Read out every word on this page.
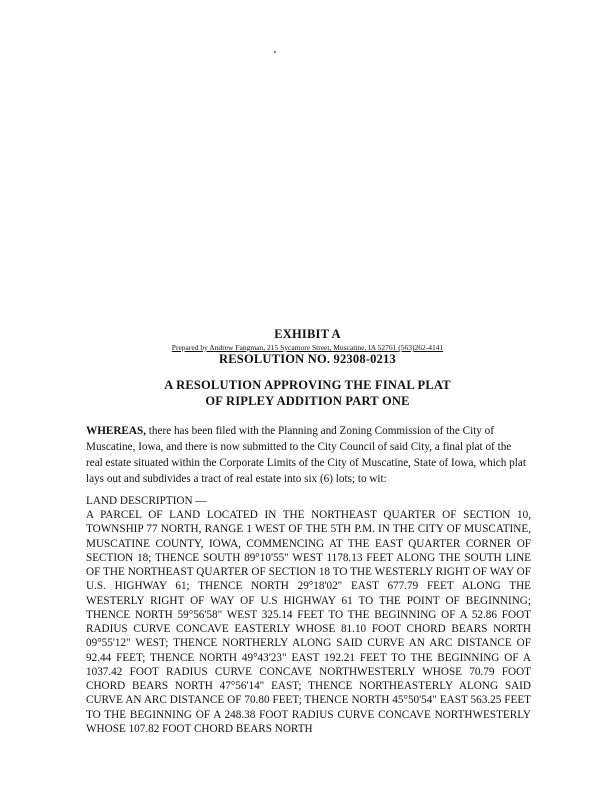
EXHIBIT A
Prepared by Andrew Fangman, 215 Sycamore Street, Muscatine, IA 52761 (563)262-4141
RESOLUTION NO. 92308-0213
A RESOLUTION APPROVING THE FINAL PLAT
OF RIPLEY ADDITION PART ONE

WHEREAS, there has been filed with the Planning and Zoning Commission of the City of Muscatine, Iowa, and there is now submitted to the City Council of said City, a final plat of the real estate situated within the Corporate Limits of the City of Muscatine, State of Iowa, which plat lays out and subdivides a tract of real estate into six (6) lots; to wit:

LAND DESCRIPTION —

A PARCEL OF LAND LOCATED IN THE NORTHEAST QUARTER OF SECTION 10, TOWNSHIP 77 NORTH, RANGE 1 WEST OF THE 5TH P.M. IN THE CITY OF MUSCATINE, MUSCATINE COUNTY, IOWA, COMMENCING AT THE EAST QUARTER CORNER OF SECTION 18; THENCE SOUTH 89°10'55" WEST 1178.13 FEET ALONG THE SOUTH LINE OF THE NORTHEAST QUARTER OF SECTION 18 TO THE WESTERLY RIGHT OF WAY OF U.S. HIGHWAY 61; THENCE NORTH 29°18'02" EAST 677.79 FEET ALONG THE WESTERLY RIGHT OF WAY OF U.S HIGHWAY 61 TO THE POINT OF BEGINNING; THENCE NORTH 59°56'58" WEST 325.14 FEET TO THE BEGINNING OF A 52.86 FOOT RADIUS CURVE CONCAVE EASTERLY WHOSE 81.10 FOOT CHORD BEARS NORTH 09°55'12" WEST; THENCE NORTHERLY ALONG SAID CURVE AN ARC DISTANCE OF 92.44 FEET; THENCE NORTH 49°43'23" EAST 192.21 FEET TO THE BEGINNING OF A 1037.42 FOOT RADIUS CURVE CONCAVE NORTHWESTERLY WHOSE 70.79 FOOT CHORD BEARS NORTH 47°56'14" EAST; THENCE NORTHEASTERLY ALONG SAID CURVE AN ARC DISTANCE OF 70.80 FEET; THENCE NORTH 45°50'54" EAST 563.25 FEET TO THE BEGINNING OF A 248.38 FOOT RADIUS CURVE CONCAVE NORTHWESTERLY WHOSE 107.82 FOOT CHORD BEARS NORTH
